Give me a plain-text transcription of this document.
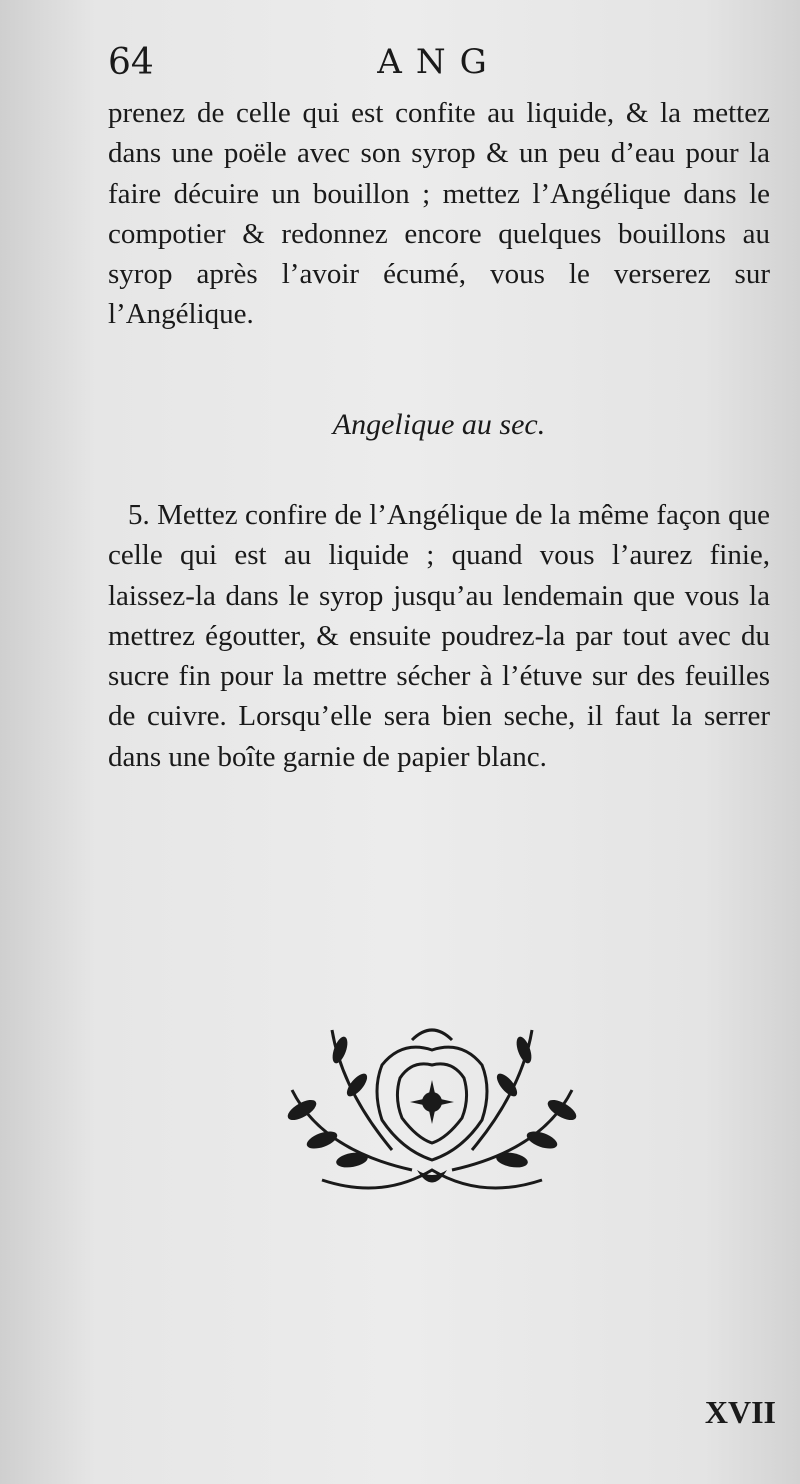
64	ANG

prenez de celle qui est confite au liquide, & la mettez dans une poële avec son syrop & un peu d’eau pour la faire décuire un bouillon ; mettez l’Angélique dans le compotier & redonnez encore quelques bouillons au syrop après l’avoir écumé, vous le verserez sur l’Angélique.

Angelique au sec.

5. Mettez confire de l’Angélique de la même façon que celle qui est au liquide ; quand vous l’aurez finie, laissez-la dans le syrop jusqu’au lendemain que vous la mettrez égoutter, & ensuite poudrez-la par tout avec du sucre fin pour la mettre sécher à l’étuve sur des feuilles de cuivre. Lorsqu’elle sera bien seche, il faut la serrer dans une boîte garnie de papier blanc.

XVII
